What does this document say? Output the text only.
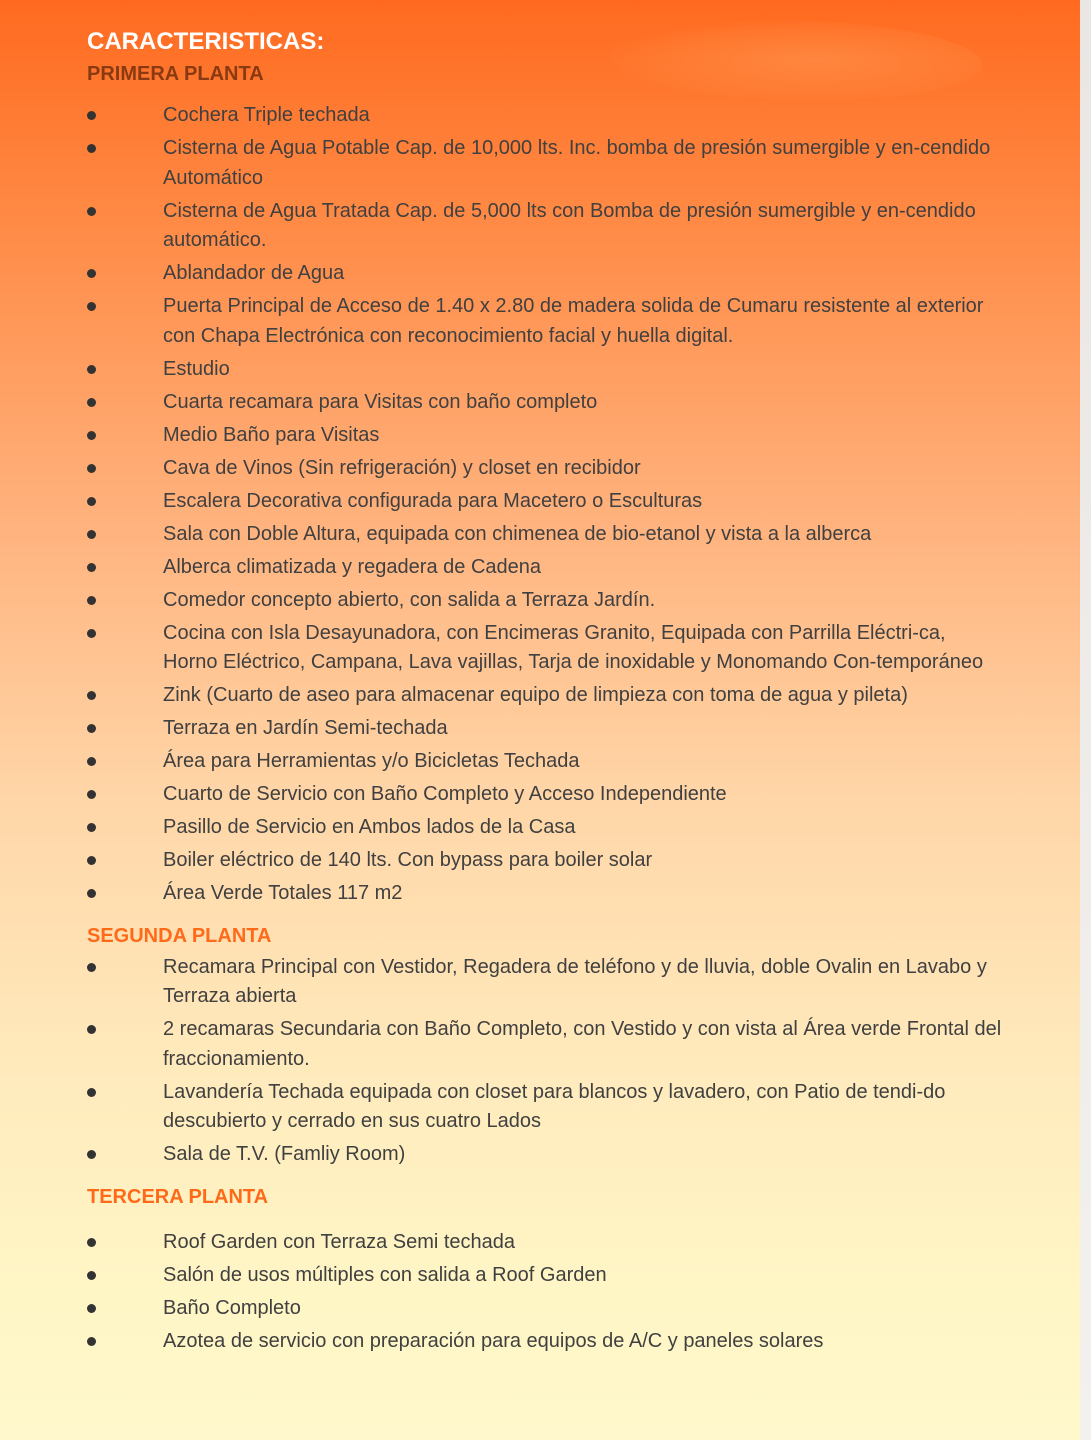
CARACTERISTICAS:
PRIMERA PLANTA
Cochera Triple techada
Cisterna de Agua Potable Cap. de 10,000 lts. Inc. bomba de presión sumergible y en-cendido Automático
Cisterna de Agua Tratada Cap. de 5,000 lts con Bomba de presión sumergible y en-cendido automático.
Ablandador de Agua
Puerta Principal de Acceso de 1.40 x 2.80 de madera solida de Cumaru resistente al exterior con Chapa Electrónica con reconocimiento facial y huella digital.
Estudio
Cuarta recamara para Visitas con baño completo
Medio Baño para Visitas
Cava de Vinos (Sin refrigeración) y closet en recibidor
Escalera Decorativa configurada para Macetero o Esculturas
Sala con Doble Altura, equipada con chimenea de bio-etanol y vista a la alberca
Alberca climatizada y regadera de Cadena
Comedor concepto abierto, con salida a Terraza Jardín.
Cocina con Isla Desayunadora, con Encimeras Granito, Equipada con Parrilla Eléctri-ca, Horno Eléctrico, Campana, Lava vajillas, Tarja de inoxidable y Monomando Con-temporáneo
Zink (Cuarto de aseo para almacenar equipo de limpieza con toma de agua y pileta)
Terraza en Jardín Semi-techada
Área para Herramientas y/o Bicicletas Techada
Cuarto de Servicio con Baño Completo y Acceso Independiente
Pasillo de Servicio en Ambos lados de la Casa
Boiler eléctrico de 140 lts. Con bypass para boiler solar
Área Verde Totales 117 m2
SEGUNDA PLANTA
Recamara Principal con Vestidor, Regadera de teléfono y de lluvia, doble Ovalin en Lavabo y Terraza abierta
2 recamaras Secundaria con Baño Completo, con Vestido y con vista al Área verde Frontal del fraccionamiento.
Lavandería Techada equipada con closet para blancos y lavadero, con Patio de tendi-do descubierto y cerrado en sus cuatro Lados
Sala de T.V. (Famliy Room)
TERCERA PLANTA
Roof Garden con Terraza Semi techada
Salón de usos múltiples con salida a Roof Garden
Baño Completo
Azotea de servicio con preparación para equipos de A/C y paneles solares
